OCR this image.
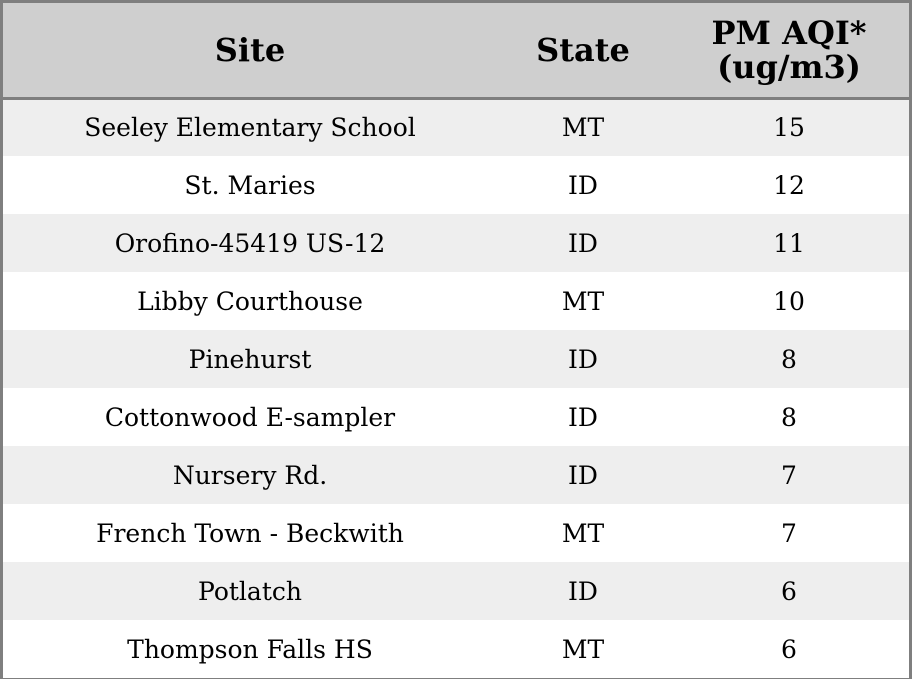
Site	State	PM AQI*
(ug/m3)

Seeley Elementary School	MT	15
St. Maries	ID	12
Orofino-45419 US-12	ID	11
Libby Courthouse	MT	10
Pinehurst	ID	8
Cottonwood E-sampler	ID	8
Nursery Rd.	ID	7
French Town - Beckwith	MT	7
Potlatch	ID	6
Thompson Falls HS	MT	6
